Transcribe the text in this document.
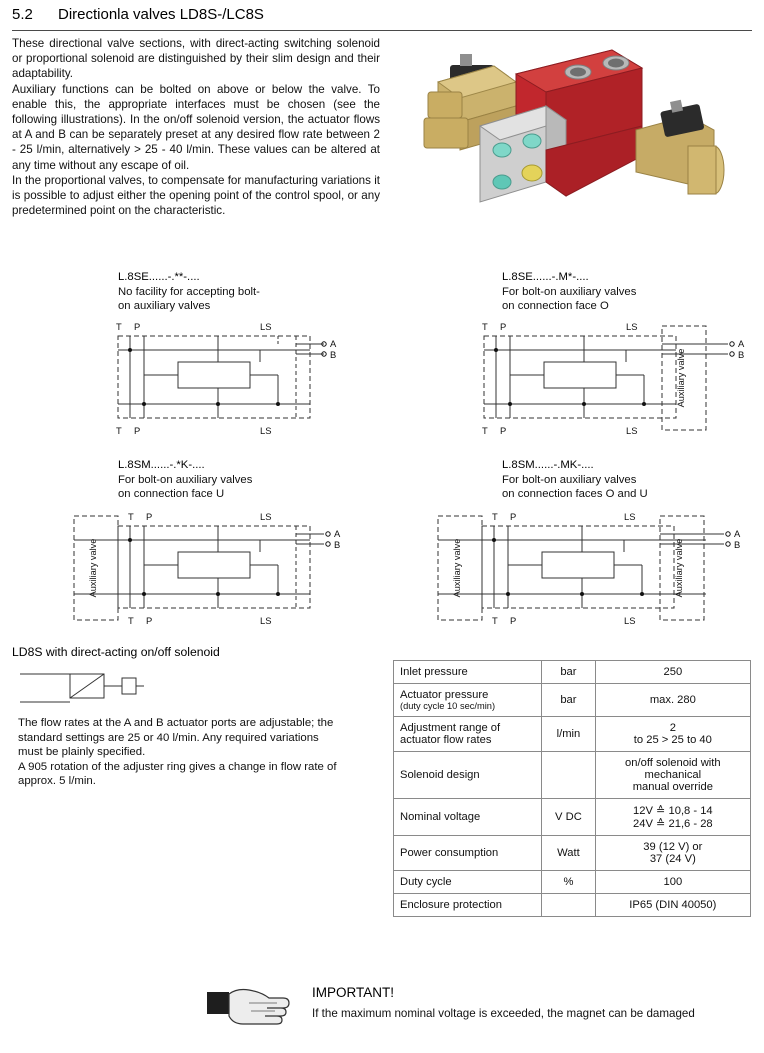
5.2 Directionla valves LD8S-/LC8S

These directional valve sections, with direct-acting switching solenoid or proportional solenoid are distinguished by their slim design and their adaptability.

Auxiliary functions can be bolted on above or below the valve. To enable this, the appropriate interfaces must be chosen (see the following illustrations). In the on/off solenoid version, the actuator flows at A and B can be separately preset at any desired flow rate between 2 - 25 l/min, alternatively > 25 - 40 l/min. These values can be altered at any time without any escape of oil.

In the proportional valves, to compensate for manufacturing variations it is possible to adjust either the opening point of the control spool, or any predetermined point on the characteristic.

L.8SE......-.**-....
No facility for accepting bolt-
on auxiliary valves
T P	LS
A
B
T P	LS
L.8SE......-.M*-....
For bolt-on auxiliary valves
on connection face O
T P	LS
A
B
T P	LS
Auxiliary valve
L.8SM......-.*K-....
For bolt-on auxiliary valves
on connection face U
Auxiliary valve
T P	LS
A
B
T P	LS
L.8SM......-.MK-....
For bolt-on auxiliary valves
on connection faces O and U
Auxiliary valve	Auxiliary valve
T P	LS
A
B
T P	LS
LD8S with direct-acting on/off solenoid
The flow rates at the A and B actuator ports are adjustable; the standard settings are 25 or 40 l/min. Any required variations must be plainly specified.
A 905 rotation of the adjuster ring gives a change in flow rate of approx. 5 l/min.
Inlet pressure	bar	250

Actuator pressure
(duty cycle 10 sec/min)	bar	max. 280

Adjustment range of
actuator flow rates	l/min	2
to 25 > 25 to 40

Solenoid design		on/off solenoid with
mechanical
manual override

Nominal voltage	V DC	12V ≙ 10,8 - 14
24V ≙ 21,6 - 28

Power consumption	Watt	39 (12 V) or
37 (24 V)

Duty cycle	%	100
Enclosure protection		IP65 (DIN 40050)
IMPORTANT!
If the maximum nominal voltage is exceeded, the magnet can be damaged
